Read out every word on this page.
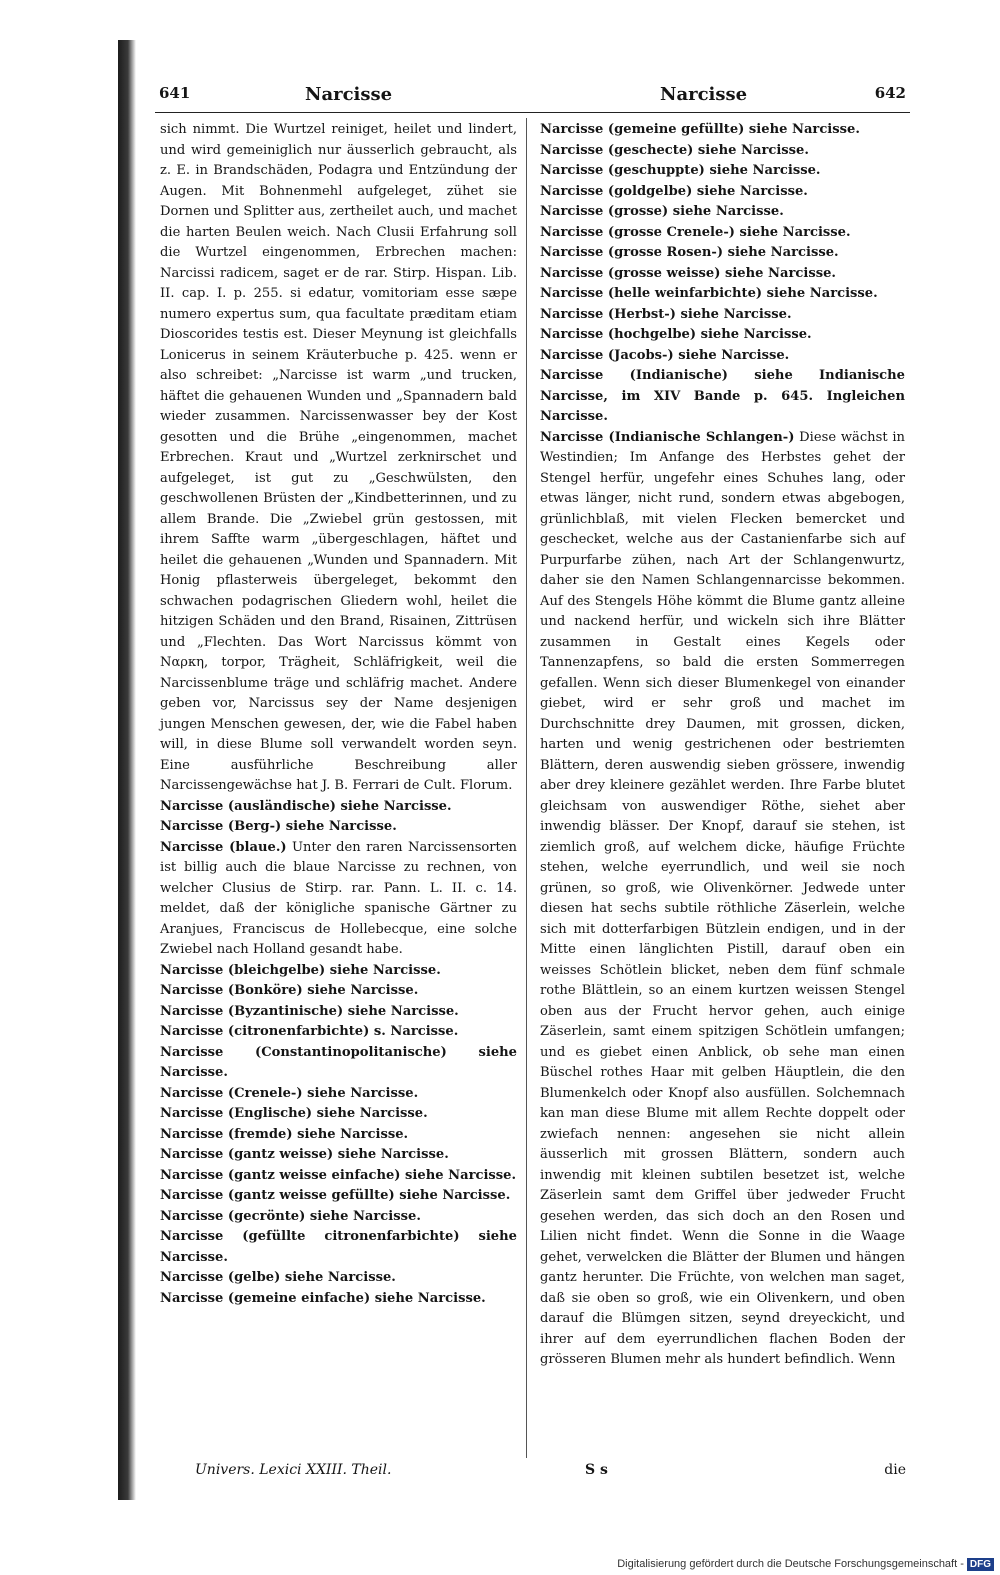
641	Narcisse	Narcisse	642

sich nimmt. Die Wurtzel reiniget, heilet und lindert, und wird gemeiniglich nur äusserlich gebraucht, als z. E. in Brandschäden, Podagra und Entzündung der Augen. Mit Bohnenmehl aufgeleget, zühet sie Dornen und Splitter aus, zertheilet auch, und machet die harten Beulen weich. Nach Clusii Erfahrung soll die Wurtzel eingenommen, Erbrechen machen: Narcissi radicem, saget er de rar. Stirp. Hispan. Lib. II. cap. I. p. 255. si edatur, vomitoriam esse sæpe numero expertus sum, qua facultate præditam etiam Dioscorides testis est. Dieser Meynung ist gleichfalls Lonicerus in seinem Kräuterbuche p. 425. wenn er also schreibet: „Narcisse ist warm „und trucken, häftet die gehauenen Wunden und „Spannadern bald wieder zusammen. Narcissenwasser bey der Kost gesotten und die Brühe „eingenommen, machet Erbrechen. Kraut und „Wurtzel zerknirschet und aufgeleget, ist gut zu „Geschwülsten, den geschwollenen Brüsten der „Kindbetterinnen, und zu allem Brande. Die „Zwiebel grün gestossen, mit ihrem Saffte warm „übergeschlagen, häftet und heilet die gehauenen „Wunden und Spannadern. Mit Honig pflasterweis übergeleget, bekommt den schwachen podagrischen Gliedern wohl, heilet die hitzigen Schäden und den Brand, Risainen, Zittrüsen und „Flechten. Das Wort Narcissus kömmt von Ναρκη, torpor, Trägheit, Schläfrigkeit, weil die Narcissenblume träge und schläfrig machet. Andere geben vor, Narcissus sey der Name desjenigen jungen Menschen gewesen, der, wie die Fabel haben will, in diese Blume soll verwandelt worden seyn. Eine ausführliche Beschreibung aller Narcissengewächse hat J. B. Ferrari de Cult. Florum.

Narcisse (ausländische) siehe Narcisse.

Narcisse (Berg-) siehe Narcisse.

Narcisse (blaue.) Unter den raren Narcissensorten ist billig auch die blaue Narcisse zu rechnen, von welcher Clusius de Stirp. rar. Pann. L. II. c. 14. meldet, daß der königliche spanische Gärtner zu Aranjues, Franciscus de Hollebecque, eine solche Zwiebel nach Holland gesandt habe.

Narcisse (bleichgelbe) siehe Narcisse.

Narcisse (Bonköre) siehe Narcisse.

Narcisse (Byzantinische) siehe Narcisse.

Narcisse (citronenfarbichte) s. Narcisse.

Narcisse (Constantinopolitanische) siehe Narcisse.

Narcisse (Crenele-) siehe Narcisse.

Narcisse (Englische) siehe Narcisse.

Narcisse (fremde) siehe Narcisse.

Narcisse (gantz weisse) siehe Narcisse.

Narcisse (gantz weisse einfache) siehe Narcisse.

Narcisse (gantz weisse gefüllte) siehe Narcisse.

Narcisse (gecrönte) siehe Narcisse.

Narcisse (gefüllte citronenfarbichte) siehe Narcisse.

Narcisse (gelbe) siehe Narcisse.

Narcisse (gemeine einfache) siehe Narcisse.

Narcisse (gemeine gefüllte) siehe Narcisse.

Narcisse (geschecte) siehe Narcisse.

Narcisse (geschuppte) siehe Narcisse.

Narcisse (goldgelbe) siehe Narcisse.

Narcisse (grosse) siehe Narcisse.

Narcisse (grosse Crenele-) siehe Narcisse.

Narcisse (grosse Rosen-) siehe Narcisse.

Narcisse (grosse weisse) siehe Narcisse.

Narcisse (helle weinfarbichte) siehe Narcisse.

Narcisse (Herbst-) siehe Narcisse.

Narcisse (hochgelbe) siehe Narcisse.

Narcisse (Jacobs-) siehe Narcisse.

Narcisse (Indianische) siehe Indianische Narcisse, im XIV Bande p. 645. Ingleichen Narcisse.

Narcisse (Indianische Schlangen-) Diese wächst in Westindien; Im Anfange des Herbstes gehet der Stengel herfür, ungefehr eines Schuhes lang, oder etwas länger, nicht rund, sondern etwas abgebogen, grünlichblaß, mit vielen Flecken bemercket und geschecket, welche aus der Castanienfarbe sich auf Purpurfarbe zühen, nach Art der Schlangenwurtz, daher sie den Namen Schlangennarcisse bekommen. Auf des Stengels Höhe kömmt die Blume gantz alleine und nackend herfür, und wickeln sich ihre Blätter zusammen in Gestalt eines Kegels oder Tannenzapfens, so bald die ersten Sommerregen gefallen. Wenn sich dieser Blumenkegel von einander giebet, wird er sehr groß und machet im Durchschnitte drey Daumen, mit grossen, dicken, harten und wenig gestrichenen oder bestriemten Blättern, deren auswendig sieben grössere, inwendig aber drey kleinere gezählet werden. Ihre Farbe blutet gleichsam von auswendiger Röthe, siehet aber inwendig blässer. Der Knopf, darauf sie stehen, ist ziemlich groß, auf welchem dicke, häufige Früchte stehen, welche eyerrundlich, und weil sie noch grünen, so groß, wie Olivenkörner. Jedwede unter diesen hat sechs subtile röthliche Zäserlein, welche sich mit dotterfarbigen Bützlein endigen, und in der Mitte einen länglichten Pistill, darauf oben ein weisses Schötlein blicket, neben dem fünf schmale rothe Blättlein, so an einem kurtzen weissen Stengel oben aus der Frucht hervor gehen, auch einige Zäserlein, samt einem spitzigen Schötlein umfangen; und es giebet einen Anblick, ob sehe man einen Büschel rothes Haar mit gelben Häuptlein, die den Blumenkelch oder Knopf also ausfüllen. Solchemnach kan man diese Blume mit allem Rechte doppelt oder zwiefach nennen: angesehen sie nicht allein äusserlich mit grossen Blättern, sondern auch inwendig mit kleinen subtilen besetzet ist, welche Zäserlein samt dem Griffel über jedweder Frucht gesehen werden, das sich doch an den Rosen und Lilien nicht findet. Wenn die Sonne in die Waage gehet, verwelcken die Blätter der Blumen und hängen gantz herunter. Die Früchte, von welchen man saget, daß sie oben so groß, wie ein Olivenkern, und oben darauf die Blümgen sitzen, seynd dreyeckicht, und ihrer auf dem eyerrundlichen flachen Boden der grösseren Blumen mehr als hundert befindlich. Wenn

Univers. Lexici XXIII. Theil.	S s	die
Digitalisierung gefördert durch die Deutsche Forschungsgemeinschaft - DFG
